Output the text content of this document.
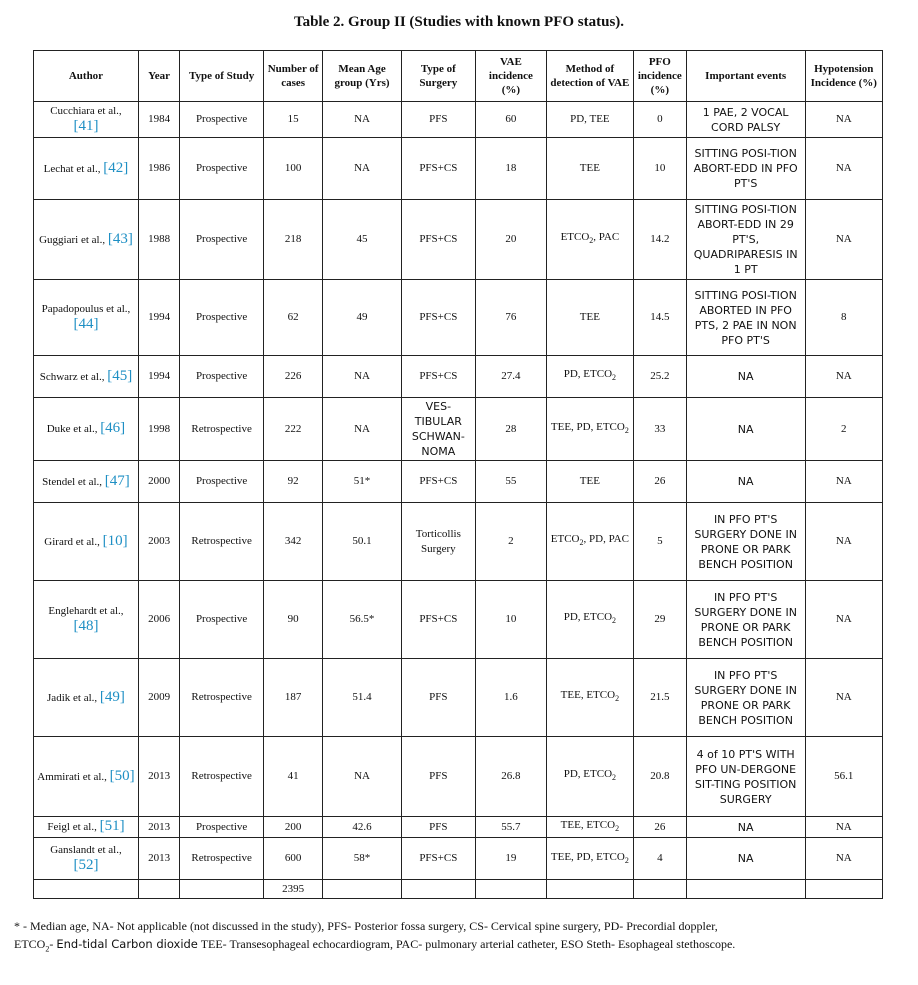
Table 2. Group II (Studies with known PFO status).
Author	Year	Type of Study	Number of cases	Mean Age group (Yrs)	Type of Surgery	VAE incidence (%)	Method of detection of VAE	PFO incidence (%)	Important events	Hypotension Incidence (%)
Cucchiara et al., [41]	1984	Prospective	15	NA	PFS	60	PD, TEE	0	1 PAE, 2 VOCAL CORD PALSY	NA
Lechat et al., [42]	1986	Prospective	100	NA	PFS+CS	18	TEE	10	SITTING POSI-TION ABORT-EDD IN PFO PT'S	NA
Guggiari et al., [43]	1988	Prospective	218	45	PFS+CS	20	$ETCO_2$, PAC	14.2	SITTING POSI-TION ABORT-EDD IN 29 PT'S, QUADRIPARESIS IN 1 PT	NA
Papadopoulus et al., [44]	1994	Prospective	62	49	PFS+CS	76	TEE	14.5	SITTING POSI-TION ABORTED IN PFO PTS, 2 PAE IN NON PFO PT'S	8
Schwarz et al., [45]	1994	Prospective	226	NA	PFS+CS	27.4	PD, $ETCO_2$	25.2	NA	NA
Duke et al., [46]	1998	Retrospective	222	NA	VES-TIBULAR SCHWAN-NOMA	28	TEE, PD, $ETCO_2$	33	NA	2
Stendel et al., [47]	2000	Prospective	92	51*	PFS+CS	55	TEE	26	NA	NA
Girard et al., [10]	2003	Retrospective	342	50.1	Torticollis Surgery	2	$ETCO_2$, PD, PAC	5	IN PFO PT'S SURGERY DONE IN PRONE OR PARK BENCH POSITION	NA
Englehardt et al., [48]	2006	Prospective	90	56.5*	PFS+CS	10	PD, $ETCO_2$	29	IN PFO PT'S SURGERY DONE IN PRONE OR PARK BENCH POSITION	NA
Jadik et al., [49]	2009	Retrospective	187	51.4	PFS	1.6	TEE, $ETCO_2$	21.5	IN PFO PT'S SURGERY DONE IN PRONE OR PARK BENCH POSITION	NA
Ammirati et al., [50]	2013	Retrospective	41	NA	PFS	26.8	PD, $ETCO_2$	20.8	4 of 10 PT'S WITH PFO UN-DERGONE SIT-TING POSITION SURGERY	56.1
Feigl et al., [51]	2013	Prospective	200	42.6	PFS	55.7	TEE, $ETCO_2$	26	NA	NA
Ganslandt et al., [52]	2013	Retrospective	600	58*	PFS+CS	19	TEE, PD, $ETCO_2$	4	NA	NA
			2395							
* - Median age, NA- Not applicable (not discussed in the study), PFS- Posterior fossa surgery, CS- Cervical spine surgery, PD- Precordial doppler,
$ETCO_2-$ End-tidal Carbon dioxide TEE- Transesophageal echocardiogram, PAC- pulmonary arterial catheter, ESO Steth- Esophageal stethoscope.
